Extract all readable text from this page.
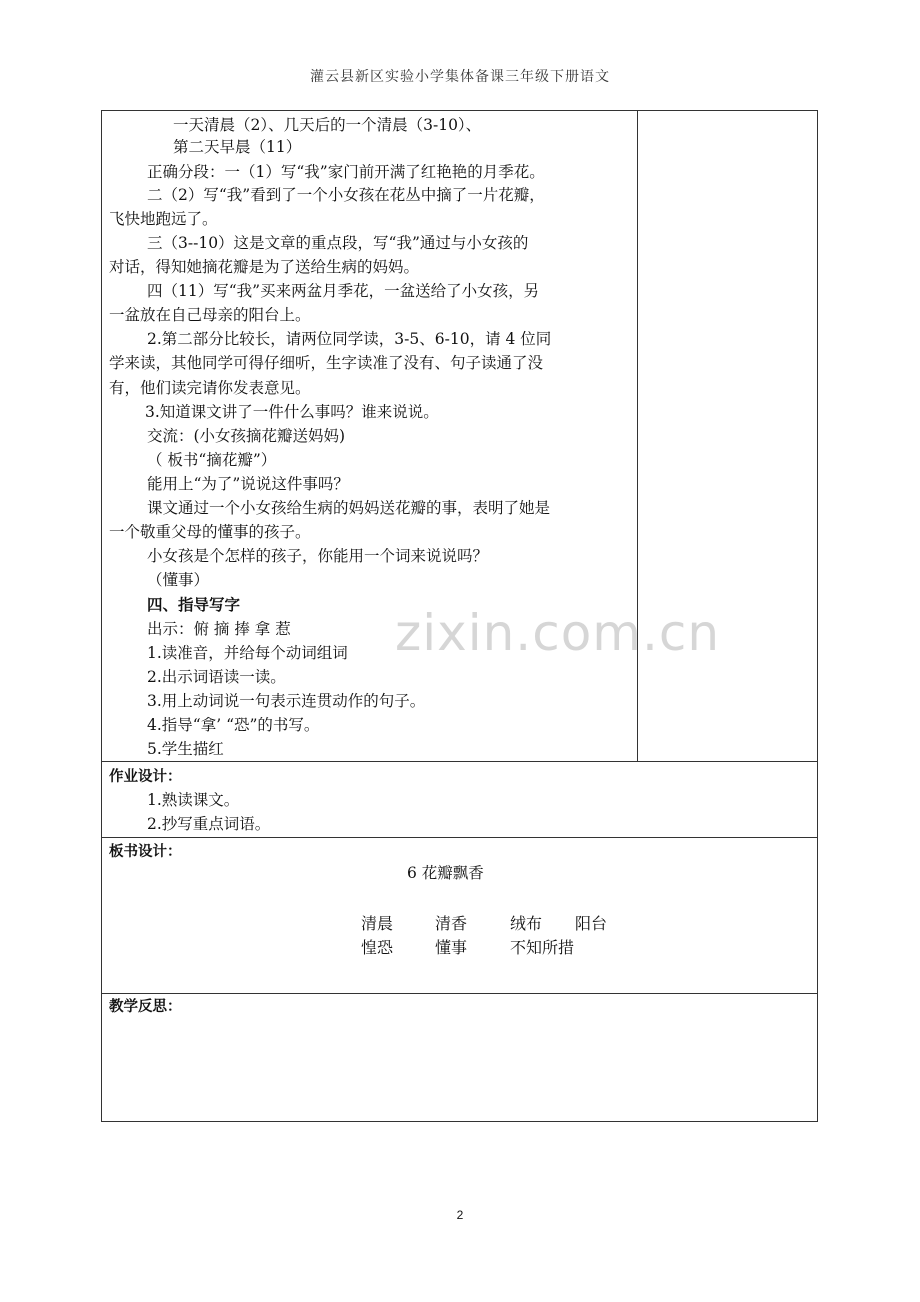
灌云县新区实验小学集体备课三年级下册语文
一天清晨（2）、几天后的一个清晨（3-10）、
第二天早晨（11）
正确分段：一（1）写“我”家门前开满了红艳艳的月季花。
二（2）写“我”看到了一个小女孩在花丛中摘了一片花瓣，
飞快地跑远了。
三（3--10）这是文章的重点段，写“我”通过与小女孩的
对话，得知她摘花瓣是为了送给生病的妈妈。
四（11）写“我”买来两盆月季花，一盆送给了小女孩，另
一盆放在自己母亲的阳台上。
2.第二部分比较长，请两位同学读，3-5、6-10，请 4 位同
学来读，其他同学可得仔细听，生字读准了没有、句子读通了没
有，他们读完请你发表意见。
3.知道课文讲了一件什么事吗？谁来说说。
交流：(小女孩摘花瓣送妈妈)
（ 板书“摘花瓣”）
能用上“为了”说说这件事吗？
课文通过一个小女孩给生病的妈妈送花瓣的事，表明了她是
一个敬重父母的懂事的孩子。
小女孩是个怎样的孩子，你能用一个词来说说吗？
（懂事）
四、指导写字
出示：俯 摘 捧 拿 惹
1.读准音，并给每个动词组词
2.出示词语读一读。
3.用上动词说一句表示连贯动作的句子。
4.指导“拿’ “恐”的书写。
5.学生描红
作业设计：
1.熟读课文。
2.抄写重点词语。
板书设计：
6 花瓣飘香
清晨	清香	绒布 阳台
惶恐	懂事	不知所措
教学反思：
zixin.com.cn
2
